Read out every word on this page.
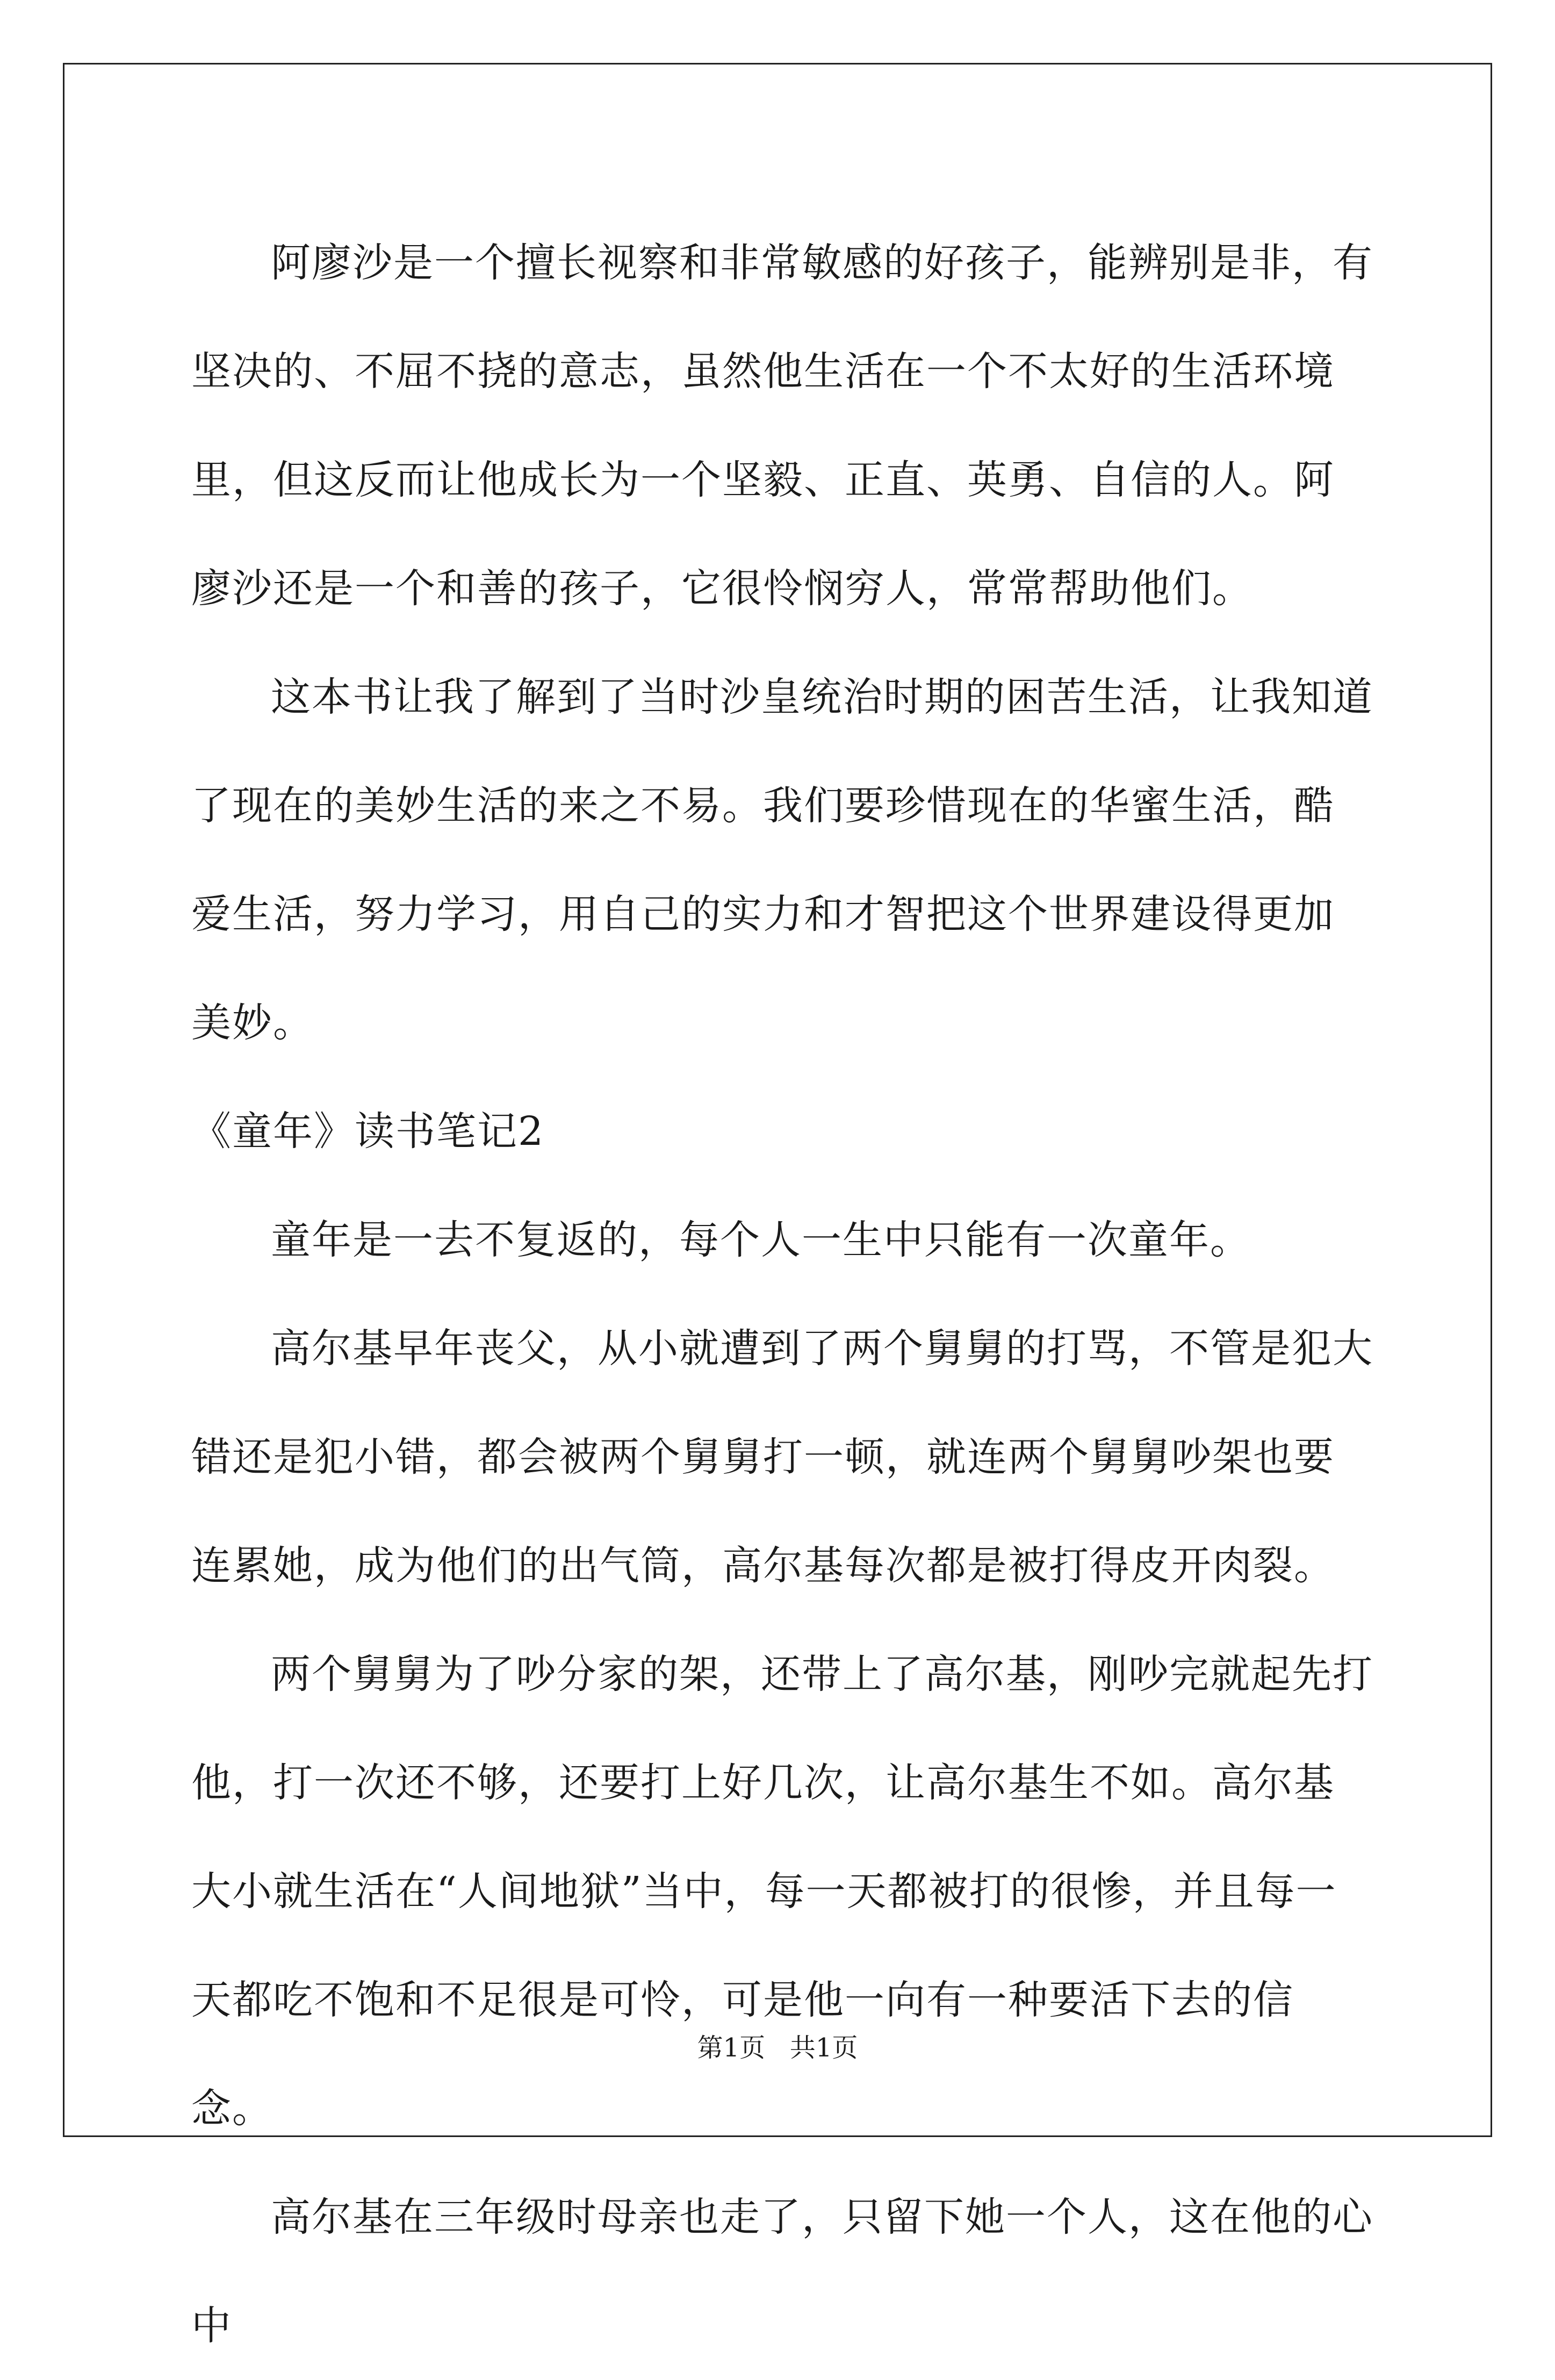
阿廖沙是一个擅长视察和非常敏感的好孩子，能辨别是非，有坚决的、不屈不挠的意志，虽然他生活在一个不太好的生活环境里，但这反而让他成长为一个坚毅、正直、英勇、自信的人。阿廖沙还是一个和善的孩子，它很怜悯穷人，常常帮助他们。

这本书让我了解到了当时沙皇统治时期的困苦生活，让我知道了现在的美妙生活的来之不易。我们要珍惜现在的华蜜生活，酷爱生活，努力学习，用自己的实力和才智把这个世界建设得更加美妙。

《童年》读书笔记2

童年是一去不复返的，每个人一生中只能有一次童年。

高尔基早年丧父，从小就遭到了两个舅舅的打骂，不管是犯大错还是犯小错，都会被两个舅舅打一顿，就连两个舅舅吵架也要连累她，成为他们的出气筒，高尔基每次都是被打得皮开肉裂。

两个舅舅为了吵分家的架，还带上了高尔基，刚吵完就起先打他，打一次还不够，还要打上好几次，让高尔基生不如。高尔基大小就生活在“人间地狱”当中，每一天都被打的很惨，并且每一天都吃不饱和不足很是可怜，可是他一向有一种要活下去的信念。

高尔基在三年级时母亲也走了，只留下她一个人，这在他的心中

第1页   共1页
